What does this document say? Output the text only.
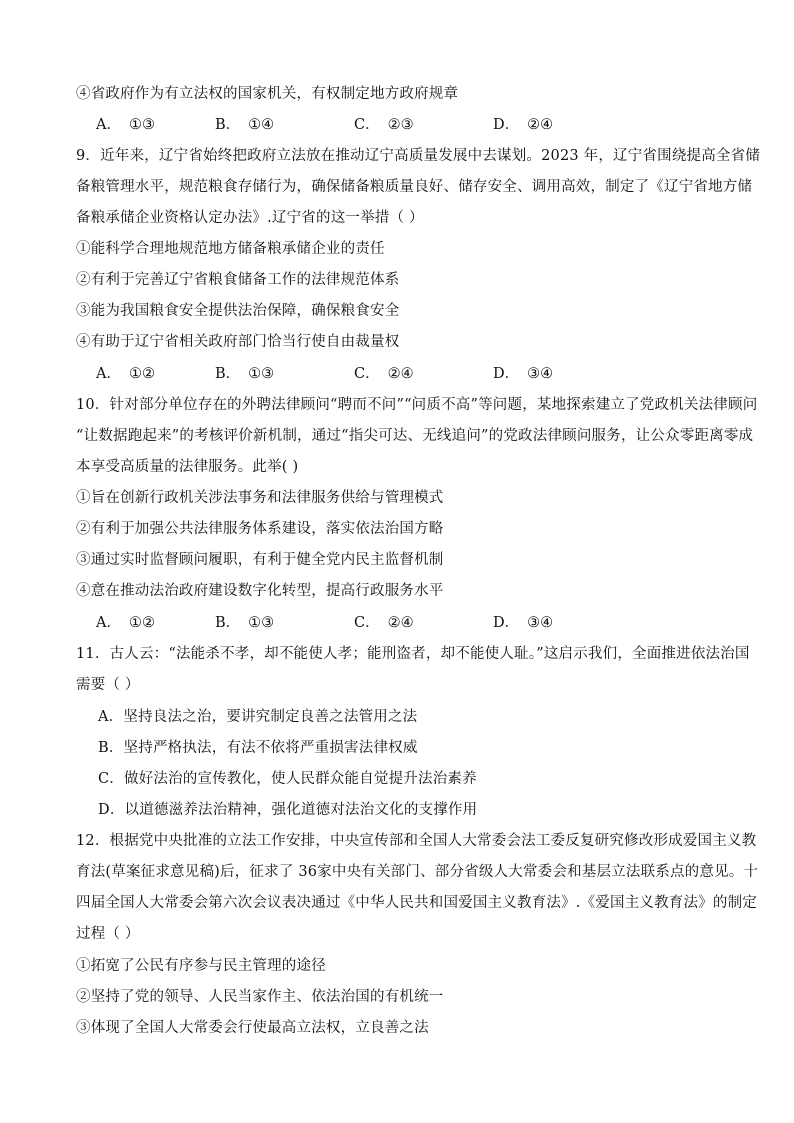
④省政府作为有立法权的国家机关，有权制定地方政府规章
A． ①③	B． ①④	C． ②③	D． ②④
9．近年来，辽宁省始终把政府立法放在推动辽宁高质量发展中去谋划。2023 年，辽宁省围绕提高全省储
备粮管理水平，规范粮食存储行为，确保储备粮质量良好、储存安全、调用高效，制定了《辽宁省地方储
备粮承储企业资格认定办法》.辽宁省的这一举措（ ）
①能科学合理地规范地方储备粮承储企业的责任
②有利于完善辽宁省粮食储备工作的法律规范体系
③能为我国粮食安全提供法治保障，确保粮食安全
④有助于辽宁省相关政府部门恰当行使自由裁量权
A． ①②	B． ①③	C． ②④	D． ③④
10．针对部分单位存在的外聘法律顾问“聘而不问”“问质不高”等问题，某地探索建立了党政机关法律顾问
“让数据跑起来”的考核评价新机制，通过“指尖可达、无线追问”的党政法律顾问服务，让公众零距离零成
本享受高质量的法律服务。此举( )
①旨在创新行政机关涉法事务和法律服务供给与管理模式
②有利于加强公共法律服务体系建设，落实依法治国方略
③通过实时监督顾问履职，有利于健全党内民主监督机制
④意在推动法治政府建设数字化转型，提高行政服务水平
A． ①②	B． ①③	C． ②④	D． ③④
11．古人云：“法能杀不孝，却不能使人孝；能刑盗者，却不能使人耻。”这启示我们，全面推进依法治国
需要（ ）
A．坚持良法之治，要讲究制定良善之法管用之法
B．坚持严格执法，有法不依将严重损害法律权威
C．做好法治的宣传教化，使人民群众能自觉提升法治素养
D．以道德滋养法治精神，强化道德对法治文化的支撑作用
12．根据党中央批准的立法工作安排，中央宣传部和全国人大常委会法工委反复研究修改形成爱国主义教
育法(草案征求意见稿)后，征求了 36家中央有关部门、部分省级人大常委会和基层立法联系点的意见。十
四届全国人大常委会第六次会议表决通过《中华人民共和国爱国主义教育法》.《爱国主义教育法》的制定
过程（ ）
①拓宽了公民有序参与民主管理的途径
②坚持了党的领导、人民当家作主、依法治国的有机统一
③体现了全国人大常委会行使最高立法权，立良善之法
